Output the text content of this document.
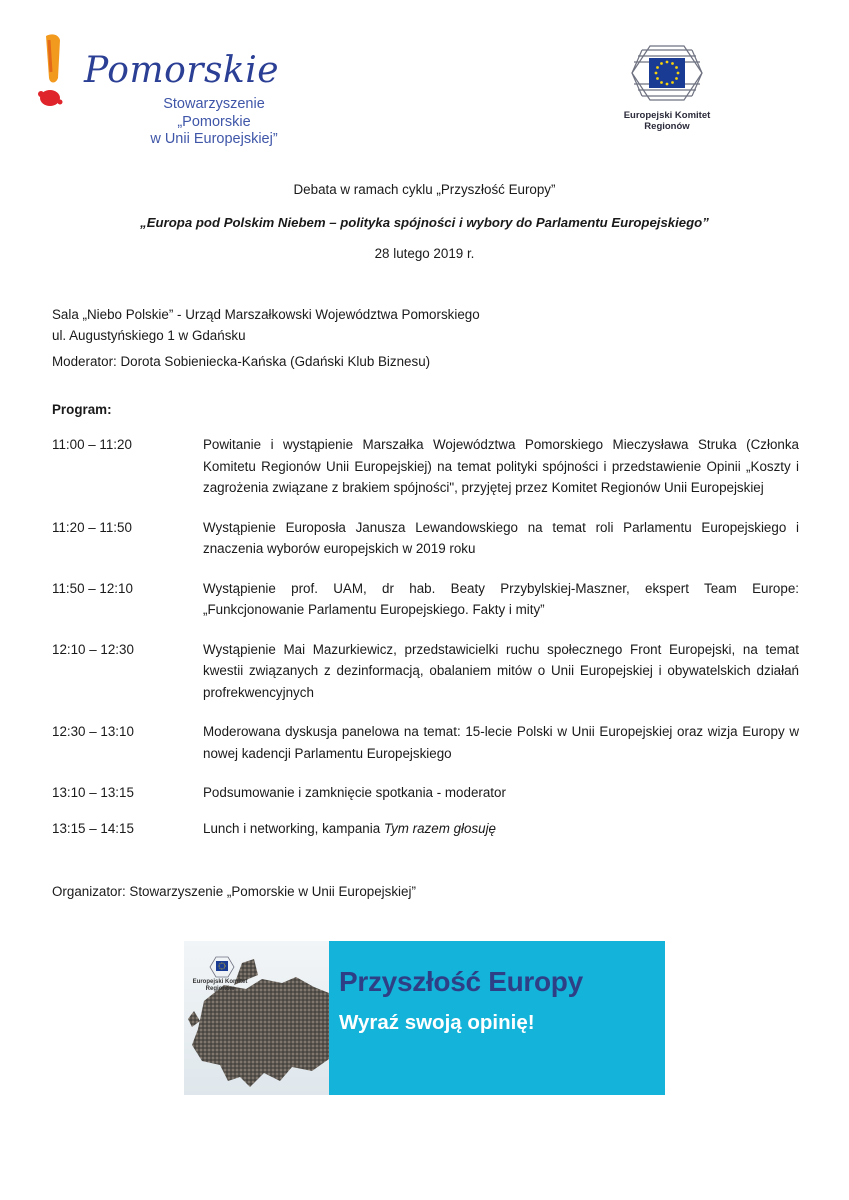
Pomorskie
Stowarzyszenie
„Pomorskie
w Unii Europejskiej”
Europejski Komitet
Regionów
Debata w ramach cyklu „Przyszłość Europy”
„Europa pod Polskim Niebem – polityka spójności i wybory do Parlamentu Europejskiego”
28 lutego 2019 r.
Sala „Niebo Polskie” - Urząd Marszałkowski Województwa Pomorskiego
ul. Augustyńskiego 1 w Gdańsku
Moderator: Dorota Sobieniecka-Kańska (Gdański Klub Biznesu)
Program:
11:00 – 11:20	Powitanie i wystąpienie Marszałka Województwa Pomorskiego Mieczysława Struka (Członka Komitetu Regionów Unii Europejskiej) na temat polityki spójności i przedstawienie Opinii „Koszty i zagrożenia związane z brakiem spójności", przyjętej przez Komitet Regionów Unii Europejskiej
11:20 – 11:50	Wystąpienie Europosła Janusza Lewandowskiego na temat roli Parlamentu Europejskiego i znaczenia wyborów europejskich w 2019 roku
11:50 – 12:10	Wystąpienie prof. UAM, dr hab. Beaty Przybylskiej-Maszner, ekspert Team Europe: „Funkcjonowanie Parlamentu Europejskiego. Fakty i mity”
12:10 – 12:30	Wystąpienie Mai Mazurkiewicz, przedstawicielki ruchu społecznego Front Europejski, na temat kwestii związanych z dezinformacją, obalaniem mitów o Unii Europejskiej i obywatelskich działań profrekwencyjnych
12:30 – 13:10	Moderowana dyskusja panelowa na temat: 15-lecie Polski w Unii Europejskiej oraz wizja Europy w nowej kadencji Parlamentu Europejskiego
13:10 – 13:15	Podsumowanie i zamknięcie spotkania - moderator
13:15 – 14:15	Lunch i networking, kampania Tym razem głosuję
Organizator: Stowarzyszenie „Pomorskie w Unii Europejskiej”
Europejski Komitet
Regionów	Przyszłość Europy
Wyraź swoją opinię!
